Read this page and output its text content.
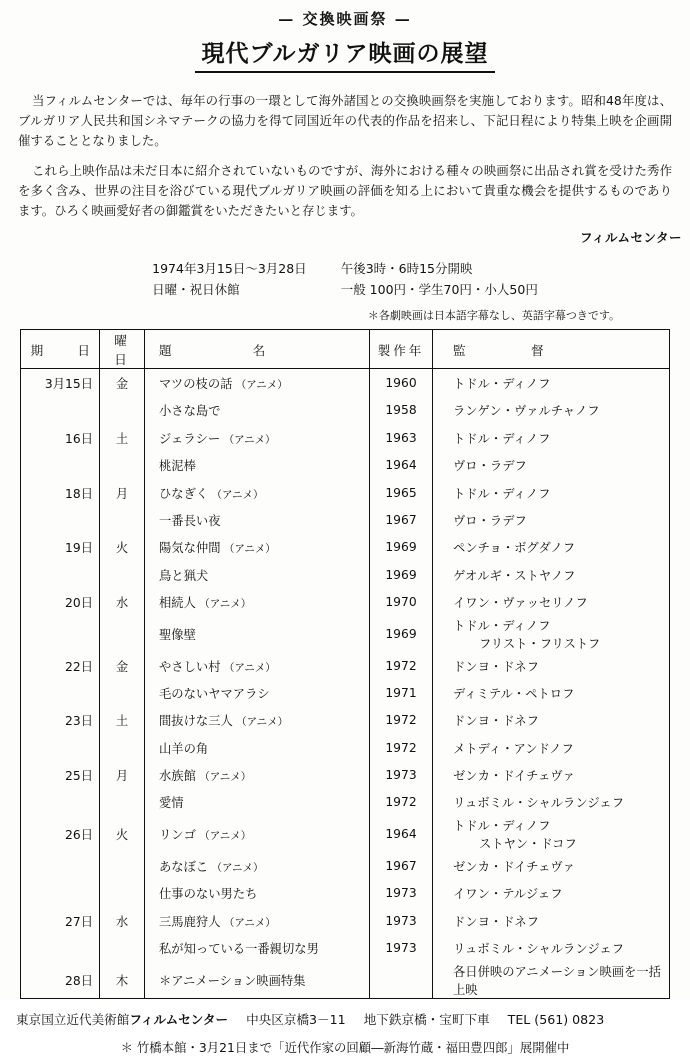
— 交換映画祭 —
現代ブルガリア映画の展望

当フィルムセンターでは、毎年の行事の一環として海外諸国との交換映画祭を実施しております。昭和48年度は、ブルガリア人民共和国シネマテークの協力を得て同国近年の代表的作品を招来し、下記日程により特集上映を企画開催することとなりました。

これら上映作品は未だ日本に紹介されていないものですが、海外における種々の映画祭に出品され賞を受けた秀作を多く含み、世界の注目を浴びている現代ブルガリア映画の評価を知る上において貴重な機会を提供するものであります。ひろく映画愛好者の御鑑賞をいただきたいと存じます。

フィルムセンター
1974年3月15日～3月28日
日曜・祝日休館
午後3時・6時15分開映
一般 100円・学生70円・小人50円
＊各劇映画は日本語字幕なし、英語字幕つきです。
期　　日	曜　日	題　　　　　名	製作年	監　　　　督
3月15日	金	マツの枝の話 （アニメ）	1960	トドル・ディノフ
		小さな島で	1958	ランゲン・ヴァルチャノフ
16日	土	ジェラシー （アニメ）	1963	トドル・ディノフ
		桃泥棒	1964	ヴロ・ラデフ
18日	月	ひなぎく （アニメ）	1965	トドル・ディノフ
		一番長い夜	1967	ヴロ・ラデフ
19日	火	陽気な仲間 （アニメ）	1969	ペンチョ・ボグダノフ
		鳥と猟犬	1969	ゲオルギ・ストヤノフ
20日	水	相続人 （アニメ）	1970	イワン・ヴァッセリノフ
		聖像壁	1969	トドル・ディノフフリスト・フリストフ
22日	金	やさしい村 （アニメ）	1972	ドンヨ・ドネフ
		毛のないヤマアラシ	1971	ディミテル・ペトロフ
23日	土	間抜けな三人 （アニメ）	1972	ドンヨ・ドネフ
		山羊の角	1972	メトディ・アンドノフ
25日	月	水族館 （アニメ）	1973	ゼンカ・ドイチェヴァ
		愛情	1972	リュボミル・シャルランジェフ
26日	火	リンゴ （アニメ）	1964	トドル・ディノフストヤン・ドコフ
		あなぼこ （アニメ）	1967	ゼンカ・ドイチェヴァ
		仕事のない男たち	1973	イワン・テルジェフ
27日	水	三馬鹿狩人 （アニメ）	1973	ドンヨ・ドネフ
		私が知っている一番親切な男	1973	リュボミル・シャルランジェフ
28日	木	＊アニメーション映画特集		各日併映のアニメーション映画を一括上映
東京国立近代美術館フィルムセンター 中央区京橋3－11 地下鉄京橋・宝町下車 TEL (561) 0823
＊ 竹橋本館・3月21日まで「近代作家の回顧―新海竹蔵・福田豊四郎」展開催中
